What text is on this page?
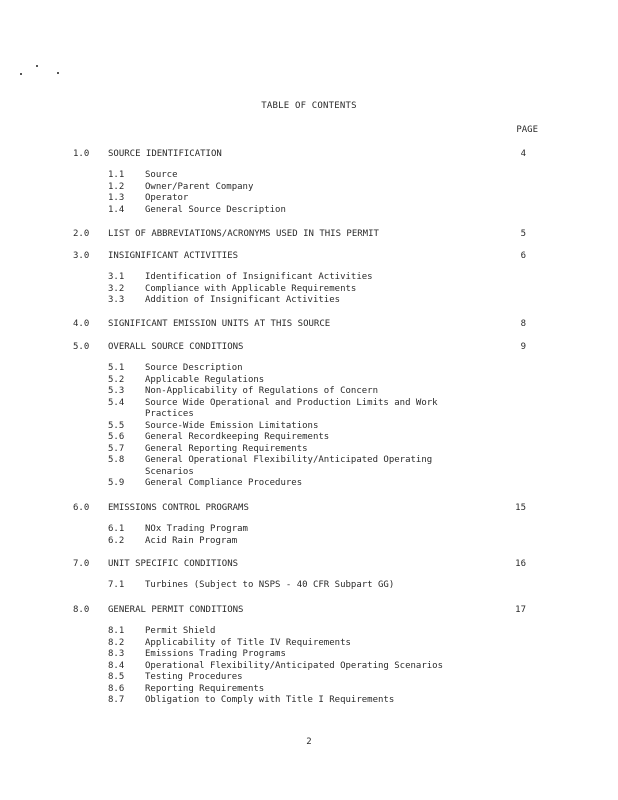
TABLE OF CONTENTS
PAGE
1.0 SOURCE IDENTIFICATION	4
1.1 Source
1.2 Owner/Parent Company
1.3 Operator
1.4 General Source Description
2.0 LIST OF ABBREVIATIONS/ACRONYMS USED IN THIS PERMIT	5
3.0 INSIGNIFICANT ACTIVITIES	6
3.1 Identification of Insignificant Activities
3.2 Compliance with Applicable Requirements
3.3 Addition of Insignificant Activities
4.0 SIGNIFICANT EMISSION UNITS AT THIS SOURCE	8
5.0 OVERALL SOURCE CONDITIONS	9
5.1 Source Description
5.2 Applicable Regulations
5.3 Non-Applicability of Regulations of Concern
5.4 Source Wide Operational and Production Limits and Work
Practices
5.5 Source-Wide Emission Limitations
5.6 General Recordkeeping Requirements
5.7 General Reporting Requirements
5.8 General Operational Flexibility/Anticipated Operating
Scenarios
5.9 General Compliance Procedures
6.0 EMISSIONS CONTROL PROGRAMS	15
6.1 NOx Trading Program
6.2 Acid Rain Program
7.0 UNIT SPECIFIC CONDITIONS	16
7.1 Turbines (Subject to NSPS - 40 CFR Subpart GG)
8.0 GENERAL PERMIT CONDITIONS	17
8.1 Permit Shield
8.2 Applicability of Title IV Requirements
8.3 Emissions Trading Programs
8.4 Operational Flexibility/Anticipated Operating Scenarios
8.5 Testing Procedures
8.6 Reporting Requirements
8.7 Obligation to Comply with Title I Requirements
2
